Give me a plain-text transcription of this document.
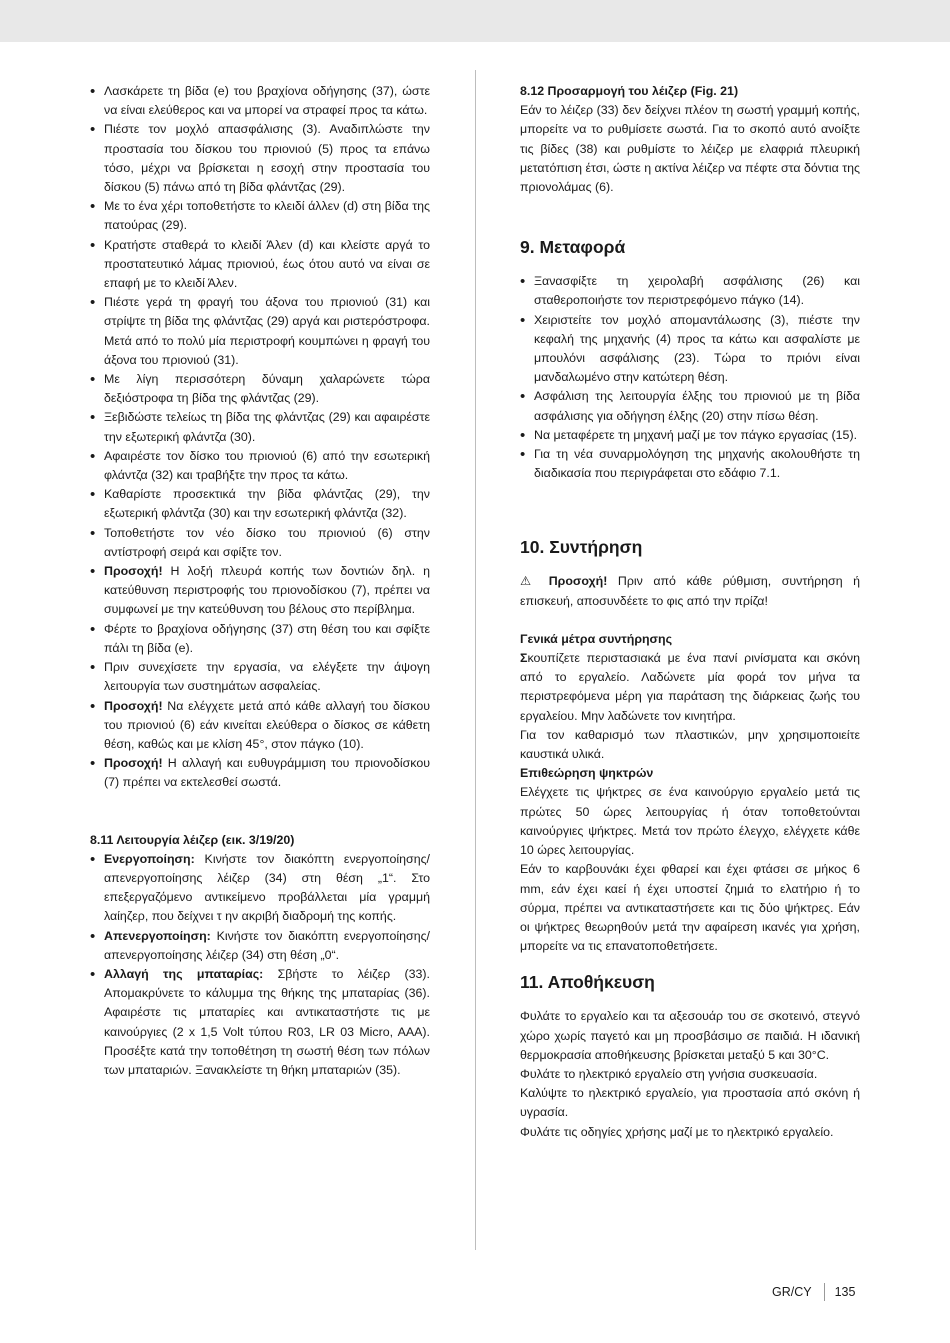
• Λασκάρετε τη βίδα (e) του βραχίονα οδήγησης (37), ώστε να είναι ελεύθερος και να μπορεί να στραφεί προς τα κάτω.
• Πιέστε τον μοχλό απασφάλισης (3). Αναδιπλώστε την προστασία του δίσκου του πριονιού (5) προς τα επάνω τόσο, μέχρι να βρίσκεται η εσοχή στην προστασία του δίσκου (5) πάνω από τη βίδα φλάντζας (29).
• Με το ένα χέρι τοποθετήστε το κλειδί άλλεν (d) στη βίδα της πατούρας (29).
• Κρατήστε σταθερά το κλειδί Άλεν (d) και κλείστε αργά το προστατευτικό λάμας πριονιού, έως ότου αυτό να είναι σε επαφή με το κλειδί Άλεν.
• Πιέστε γερά τη φραγή του άξονα του πριονιού (31) και στρίψτε τη βίδα της φλάντζας (29) αργά και ριστερόστροφα. Μετά από το πολύ μία περιστροφή κουμπώνει η φραγή του άξονα του πριονιού (31).
• Με λίγη περισσότερη δύναμη χαλαρώνετε τώρα δεξιόστροφα τη βίδα της φλάντζας (29).
• Ξεβιδώστε τελείως τη βίδα της φλάντζας (29) και αφαιρέστε την εξωτερική φλάντζα (30).
• Αφαιρέστε τον δίσκο του πριονιού (6) από την εσωτερική φλάντζα (32) και τραβήξτε την προς τα κάτω.
• Καθαρίστε προσεκτικά την βίδα φλάντζας (29), την εξωτερική φλάντζα (30) και την εσωτερική φλάντζα (32).
• Τοποθετήστε τον νέο δίσκο του πριονιού (6) στην αντίστροφή σειρά και σφίξτε τον.
• Προσοχή! Η λοξή πλευρά κοπής των δοντιών δηλ. η κατεύθυνση περιστροφής του πριονοδίσκου (7), πρέπει να συμφωνεί με την κατεύθυνση του βέλους στο περίβλημα.
• Φέρτε το βραχίονα οδήγησης (37) στη θέση του και σφίξτε πάλι τη βίδα (e).
• Πριν συνεχίσετε την εργασία, να ελέγξετε την άψογη λειτουργία των συστημάτων ασφαλείας.
• Προσοχή! Να ελέγχετε μετά από κάθε αλλαγή του δίσκου του πριονιού (6) εάν κινείται ελεύθερα ο δίσκος σε κάθετη θέση, καθώς και με κλίση 45°, στον πάγκο (10).
• Προσοχή! Η αλλαγή και ευθυγράμμιση του πριονοδίσκου (7) πρέπει να εκτελεσθεί σωστά.

8.11 Λειτουργία λέιζερ (εικ. 3/19/20)

• Ενεργοποίηση: Κινήστε τον διακόπτη ενεργοποίησης/απενεργοποίησης λέιζερ (34) στη θέση „1“. Στο επεξεργαζόμενο αντικείμενο προβάλλεται μία γραμμή λαίηζερ, που δείχνει τ ην ακριβή διαδρομή της κοπής.
• Απενεργοποίηση: Κινήστε τον διακόπτη ενεργοποίησης/απενεργοποίησης λέιζερ (34) στη θέση „0“.
• Αλλαγή της μπαταρίας: Σβήστε το λέιζερ (33). Απομακρύνετε το κάλυμμα της θήκης της μπαταρίας (36). Αφαιρέστε τις μπαταρίες και αντικαταστήστε τις με καινούργιες (2 x 1,5 Volt τύπου R03, LR 03 Micro, AAA). Προσέξτε κατά την τοποθέτηση τη σωστή θέση των πόλων των μπαταριών. Ξανακλείστε τη θήκη μπαταριών (35).

8.12 Προσαρμογή του λέιζερ (Fig. 21)

Εάν το λέιζερ (33) δεν δείχνει πλέον τη σωστή γραμμή κοπής, μπορείτε να το ρυθμίσετε σωστά. Για το σκοπό αυτό ανοίξτε τις βίδες (38) και ρυθμίστε το λέιζερ με ελαφριά πλευρική μετατόπιση έτσι, ώστε η ακτίνα λέιζερ να πέφτε στα δόντια της πριονολάμας (6).

9. Μεταφορά
• Ξανασφίξτε τη χειρολαβή ασφάλισης (26) και σταθεροποιήστε τον περιστρεφόμενο πάγκο (14).
• Χειριστείτε τον μοχλό απομαντάλωσης (3), πιέστε την κεφαλή της μηχανής (4) προς τα κάτω και ασφαλίστε με μπουλόνι ασφάλισης (23). Τώρα το πριόνι είναι μανδαλωμένο στην κατώτερη θέση.
• Ασφάλιση της λειτουργία έλξης του πριονιού με τη βίδα ασφάλισης για οδήγηση έλξης (20) στην πίσω θέση.
• Να μεταφέρετε τη μηχανή μαζί με τον πάγκο εργασίας (15).
• Για τη νέα συναρμολόγηση της μηχανής ακολουθήστε τη διαδικασία που περιγράφεται στο εδάφιο 7.1.
10. Συντήρηση

⚠ Προσοχή! Πριν από κάθε ρύθμιση, συντήρηση ή επισκευή, αποσυνδέετε το φις από την πρίζα!

Γενικά μέτρα συντήρησης

Σκουπίζετε περιστασιακά με ένα πανί ρινίσματα και σκόνη από το εργαλείο. Λαδώνετε μία φορά τον μήνα τα περιστρεφόμενα μέρη για παράταση της διάρκειας ζωής του εργαλείου. Μην λαδώνετε τον κινητήρα.

Για τον καθαρισμό των πλαστικών, μην χρησιμοποιείτε καυστικά υλικά.

Επιθεώρηση ψηκτρών

Ελέγχετε τις ψήκτρες σε ένα καινούργιο εργαλείο μετά τις πρώτες 50 ώρες λειτουργίας ή όταν τοποθετούνται καινούργιες ψήκτρες. Μετά τον πρώτο έλεγχο, ελέγχετε κάθε 10 ώρες λειτουργίας.

Εάν το καρβουνάκι έχει φθαρεί και έχει φτάσει σε μήκος 6 mm, εάν έχει καεί ή έχει υποστεί ζημιά το ελατήριο ή το σύρμα, πρέπει να αντικαταστήσετε και τις δύο ψήκτρες. Εάν οι ψήκτρες θεωρηθούν μετά την αφαίρεση ικανές για χρήση, μπορείτε να τις επανατοποθετήσετε.

11. Αποθήκευση

Φυλάτε το εργαλείο και τα αξεσουάρ του σε σκοτεινό, στεγνό χώρο χωρίς παγετό και μη προσβάσιμο σε παιδιά. Η ιδανική θερμοκρασία αποθήκευσης βρίσκεται μεταξύ 5 και 30°C.

Φυλάτε το ηλεκτρικό εργαλείο στη γνήσια συσκευασία.

Καλύψτε το ηλεκτρικό εργαλείο, για προστασία από σκόνη ή υγρασία.

Φυλάτε τις οδηγίες χρήσης μαζί με το ηλεκτρικό εργαλείο.

GR/CY 135
